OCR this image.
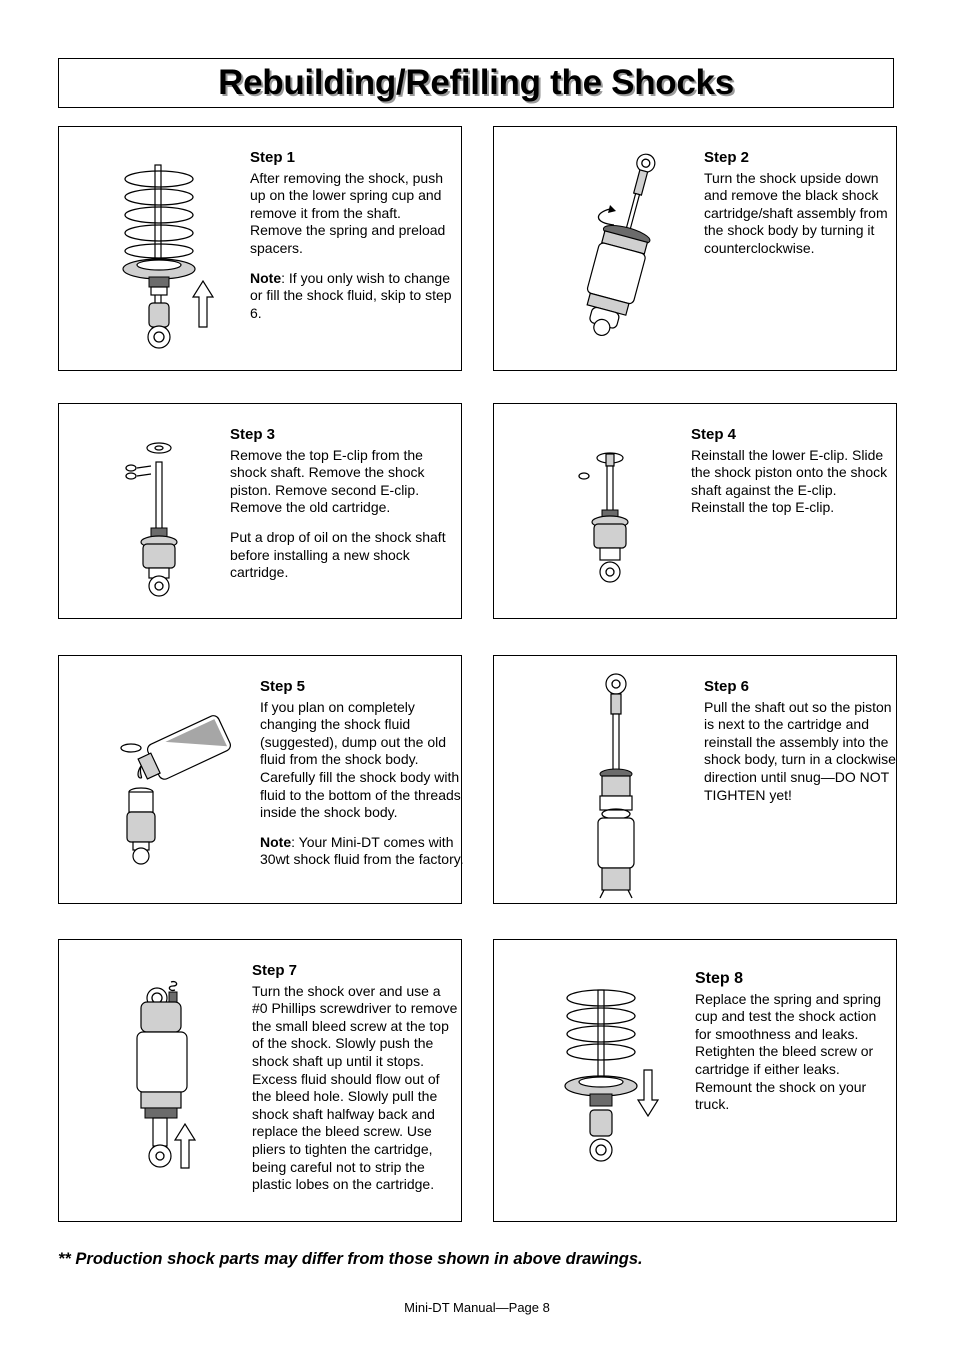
Rebuilding/Refilling the Shocks
Step 1

After removing the shock, push up on the lower spring cup and remove it from the shaft. Remove the spring and preload spacers.

Note: If you only wish to change or fill the shock fluid, skip to step 6.

Step 2

Turn the shock upside down and remove the black shock cartridge/shaft assembly from the shock body by turning it counterclockwise.

Step 3

Remove the top E-clip from the shock shaft. Remove the shock piston. Remove second E-clip. Remove the old cartridge.

Put a drop of oil on the shock shaft before installing a new shock cartridge.

Step 4

Reinstall the lower E-clip. Slide the shock piston onto the shock shaft against the E-clip. Reinstall the top E-clip.

Step 5

If you plan on completely changing the shock fluid (suggested), dump out the old fluid from the shock body. Carefully fill the shock body with fluid to the bottom of the threads inside the shock body.

Note: Your Mini-DT comes with 30wt shock fluid from the factory.

Step 6

Pull the shaft out so the piston is next to the cartridge and reinstall the assembly into the shock body, turn in a clockwise direction until snug—DO NOT TIGHTEN yet!

Step 7

Turn the shock over and use a #0 Phillips screwdriver to remove the small bleed screw at the top of the shock. Slowly push the shock shaft up until it stops. Excess fluid should flow out of the bleed hole. Slowly pull the shock shaft halfway back and replace the bleed screw. Use pliers to tighten the cartridge, being careful not to strip the plastic lobes on the cartridge.

Step 8

Replace the spring and spring cup and test the shock action for smoothness and leaks. Retighten the bleed screw or cartridge if either leaks. Remount the shock on your truck.

** Production shock parts may differ from those shown in above drawings.
Mini-DT Manual—Page 8
